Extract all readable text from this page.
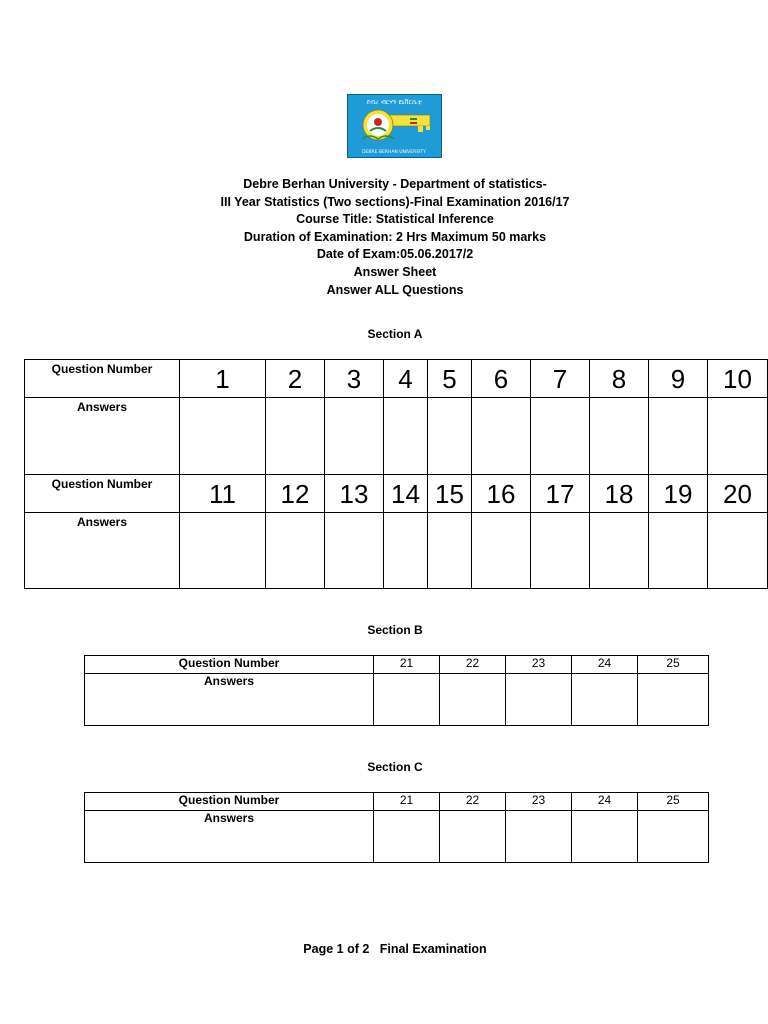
ደብረ ብርሃን ዩኒቨርሲቲ
DEBRE BERHAN UNIVERSITY
Debre Berhan University - Department of statistics-
III Year Statistics (Two sections)-Final Examination 2016/17
Course Title: Statistical Inference
Duration of Examination: 2 Hrs Maximum 50 marks
Date of Exam:05.06.2017/2
Answer Sheet
Answer ALL Questions
Section A
Question Number	1	2	3	4	5	6	7	8	9	10
Answers										
Question Number	11	12	13	14	15	16	17	18	19	20
Answers										
Section B
Question Number	21	22	23	24	25
Answers					
Section C
Question Number	21	22	23	24	25
Answers					
Page 1 of 2 Final Examination
